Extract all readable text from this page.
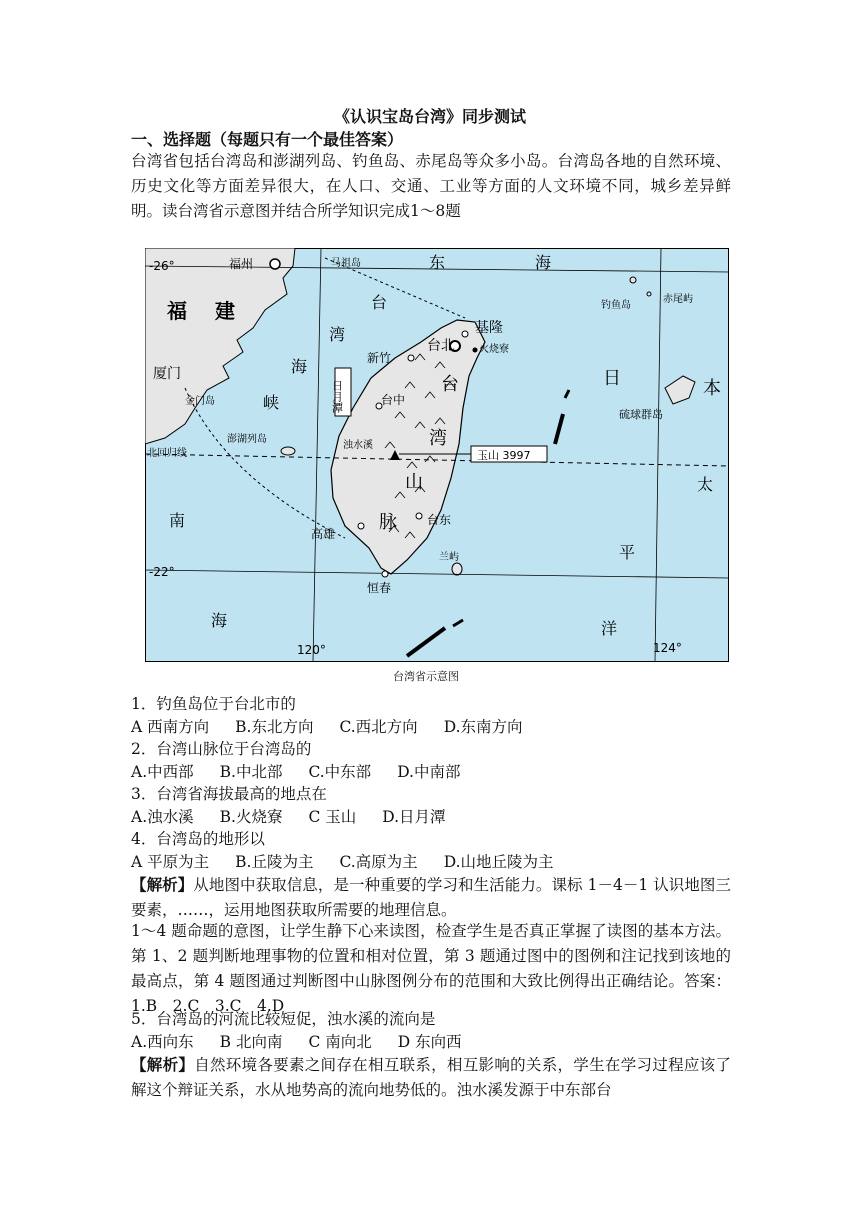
《认识宝岛台湾》同步测试
一、选择题（每题只有一个最佳答案）
台湾省包括台湾岛和澎湖列岛、钓鱼岛、赤尾岛等众多小岛。台湾岛各地的自然环境、历史文化等方面差异很大，在人口、交通、工业等方面的人文环境不同，城乡差异鲜明。读台湾省示意图并结合所学知识完成1～8题
-26°
-22°
120°	124°
北回归线
福州	马祖岛
福 建
厦门
金门岛
澎湖列岛
台北
基隆
火烧寮
新竹
台中
浊水溪
高雄
台东
兰屿
恒春
钓鱼岛
赤尾屿
硫球群岛
东	海
台
湾
海
峡
台
湾
山
脉
日	本
太
平
洋
南
海
日月潭
玉山 3997
台湾省示意图
1．钓鱼岛位于台北市的
A 西南方向 B.东北方向 C.西北方向 D.东南方向
2．台湾山脉位于台湾岛的
A.中西部 B.中北部 C.中东部 D.中南部
3．台湾省海拔最高的地点在
A.浊水溪 B.火烧寮 C 玉山 D.日月潭
4．台湾岛的地形以
A 平原为主 B.丘陵为主 C.高原为主 D.山地丘陵为主
【解析】从地图中获取信息，是一种重要的学习和生活能力。课标 1－4－1 认识地图三要素，……，运用地图获取所需要的地理信息。
1～4 题命题的意图，让学生静下心来读图，检查学生是否真正掌握了读图的基本方法。第 1、2 题判断地理事物的位置和相对位置，第 3 题通过图中的图例和注记找到该地的最高点，第 4 题图通过判断图中山脉图例分布的范围和大致比例得出正确结论。答案：1.B　2.C　3.C　4.D
5．台湾岛的河流比较短促，浊水溪的流向是
A.西向东 B 北向南 C 南向北 D 东向西
【解析】自然环境各要素之间存在相互联系，相互影响的关系，学生在学习过程应该了解这个辩证关系，水从地势高的流向地势低的。浊水溪发源于中东部台
